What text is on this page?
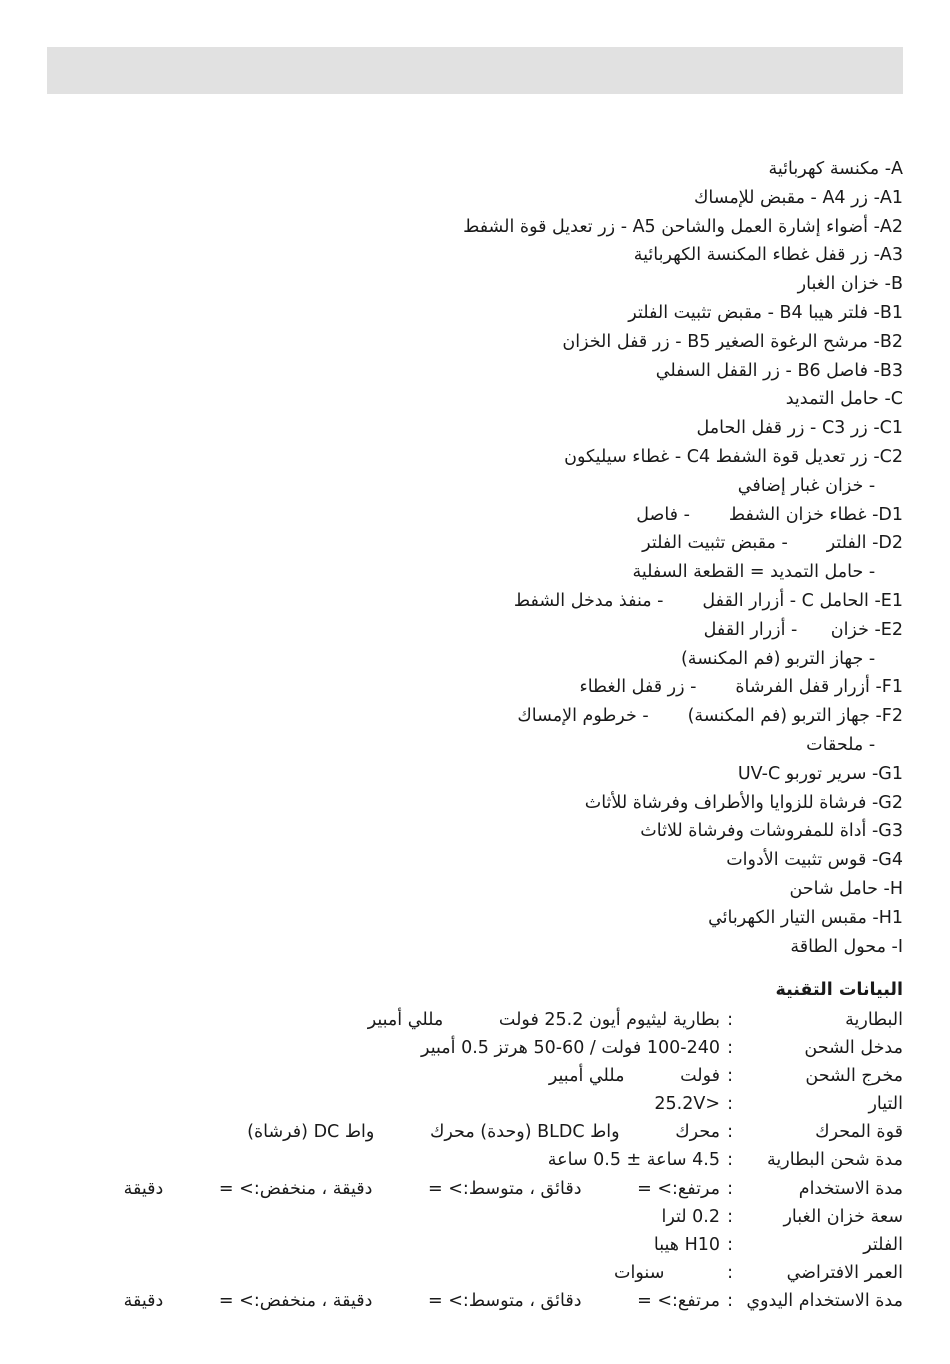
A- مكنسة كهربائية
A1- زر A4 - مقبض للإمساك
A2- أضواء إشارة العمل والشاحن A5 - زر تعديل قوة الشفط
A3- زر قفل غطاء المكنسة الكهربائية
B- خزان الغبار
B1- فلتر هيبا B4 - مقبض تثبيت الفلتر
B2- مرشح الرغوة الصغير B5 - زر قفل الخزان
B3- فاصل B6 - زر القفل السفلي
C- حامل التمديد
C1- زر C3 - زر قفل الحامل
C2- زر تعديل قوة الشفط C4 - غطاء سيليكون
- خزان غبار إضافي
D1- غطاء خزان الشفط       - فاصل
D2- الفلتر       - مقبض تثبيت الفلتر
- حامل التمديد = القطعة السفلية
E1- الحامل C - أزرار القفل       - منفذ مدخل الشفط
E2- خزان      - أزرار القفل
- جهاز التربو (فم المكنسة)
F1- أزرار قفل الفرشاة       - زر قفل الغطاء
F2- جهاز التربو (فم المكنسة)       - خرطوم الإمساك
- ملحقات
G1- سرير توربو UV-C
G2- فرشاة للزوايا والأطراف وفرشاة للأثاث
G3- أداة للمفروشات وفرشاة للاثاث
G4- قوس تثبيت الأدوات
H- حامل شاحن
H1- مقبس التيار الكهربائي
I- محول الطاقة
البيانات التقنية
البطارية
:
بطارية ليثيوم أيون 25.2 فولت          مللي أمبير
مدخل الشحن
:
100-240 فولت / 60-50 هرتز 0.5 أمبير
مخرج الشحن
:
فولت          مللي أمبير
التيار
:
<25.2V
قوة المحرك
:
محرك          واط BLDC (وحدة) محرك          واط DC (فرشاة)
مدة شحن البطارية
:
4.5 ساعة ± 0.5 ساعة
مدة الاستخدام
:
مرتفع:> =          دقائق ، متوسط:> =          دقيقة ، منخفض:> =          دقيقة
سعة خزان الغبار
:
0.2 لترا
الفلتر
:
H10 هيبا
العمر الافتراضي
:
سنوات
مدة الاستخدام اليدوي
:
مرتفع:> =          دقائق ، متوسط:> =          دقيقة ، منخفض:> =          دقيقة
